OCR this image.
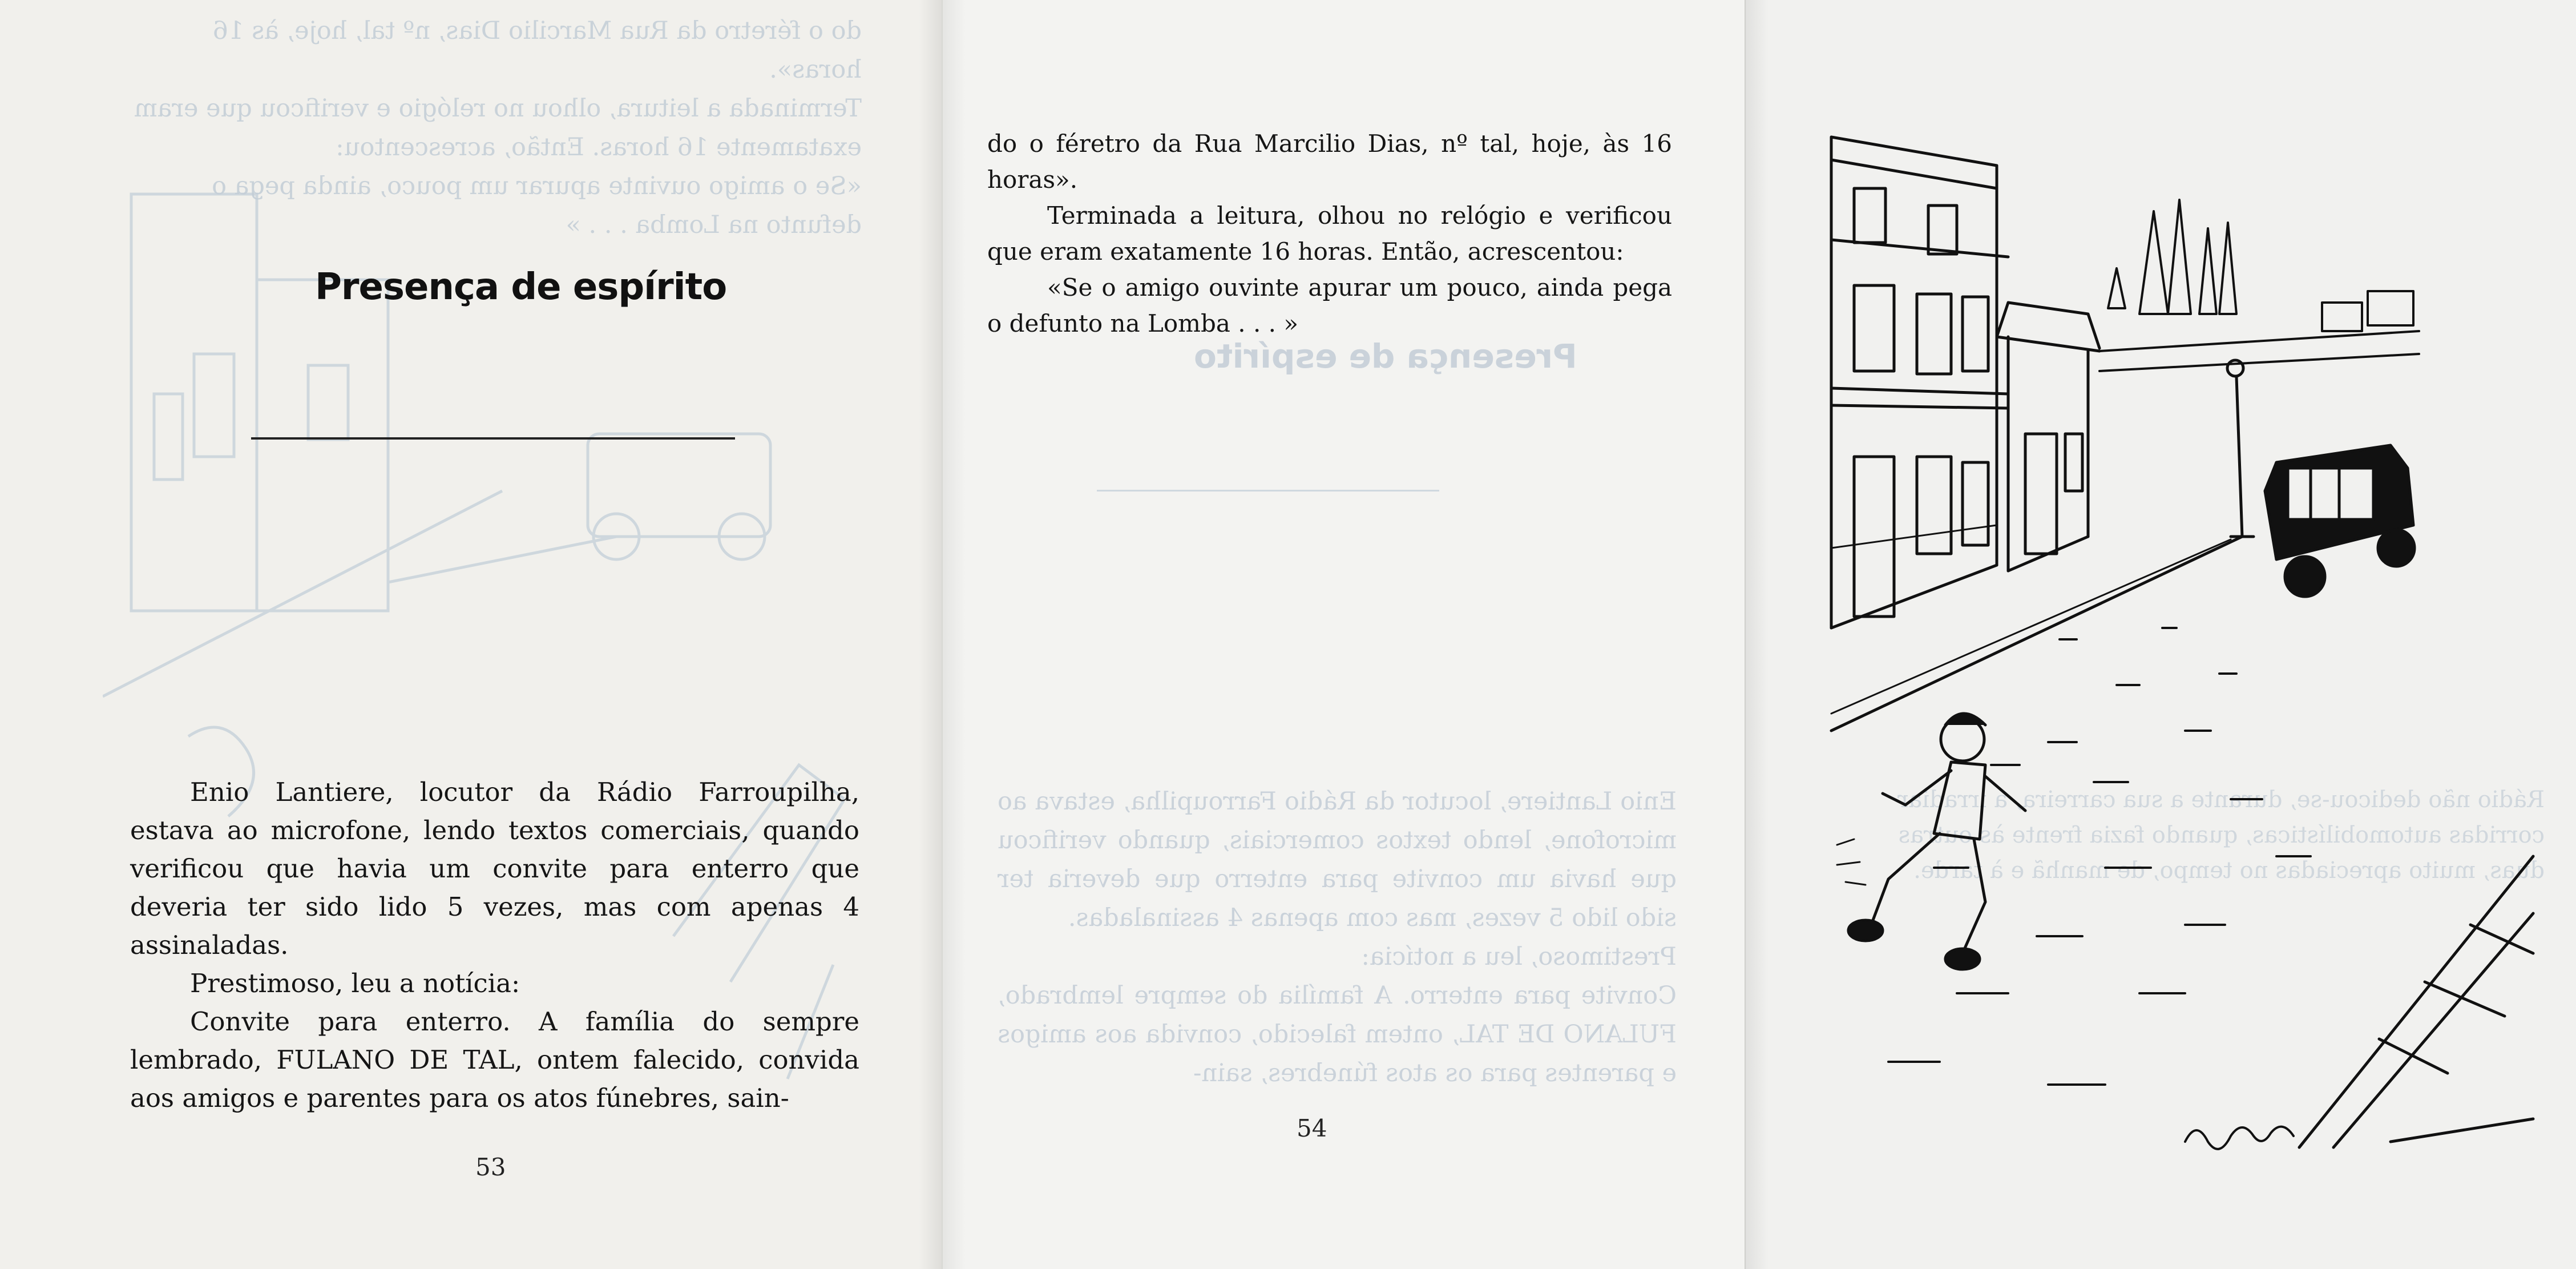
do o féretro da Rua Marcilio Dias, nº tal, hoje, às 16 horas».
Terminada a leitura, olhou no relógio e verificou que eram exatamente 16 horas. Então, acrescentou:
«Se o amigo ouvinte apurar um pouco, ainda pega o defunto na Lomba . . . »
Presença de espírito

Enio Lantiere, locutor da Rádio Farroupilha, estava ao microfone, lendo textos comerciais, quando verificou que havia um convite para enterro que deveria ter sido lido 5 vezes, mas com apenas 4 assinaladas.

Prestimoso, leu a notícia:

Convite para enterro. A família do sempre lembrado, FULANO DE TAL, ontem falecido, convida aos amigos e parentes para os atos fúnebres, sain-

53
Presença de espírito
Enio Lantiere, locutor da Rádio Farroupilha, estava ao microfone, lendo textos comerciais, quando verificou que havia um convite para enterro que deveria ter sido lido 5 vezes, mas com apenas 4 assinaladas.
Prestimoso, leu a notícia:
Convite para enterro. A família do sempre lembrado, FULANO DE TAL, ontem falecido, convida aos amigos e parentes para os atos fúnebres, sain-

do o féretro da Rua Marcilio Dias, nº tal, hoje, às 16 horas».

Terminada a leitura, olhou no relógio e verificou que eram exatamente 16 horas. Então, acrescentou:

«Se o amigo ouvinte apurar um pouco, ainda pega o defunto na Lomba . . . »

54
Rádio não dedicou-se, durante a sua carreira, a irradiar corridas automobilísticas, quando fazia frente às outras duas, muito apreciadas no tempo, de manhã e à tarde.
